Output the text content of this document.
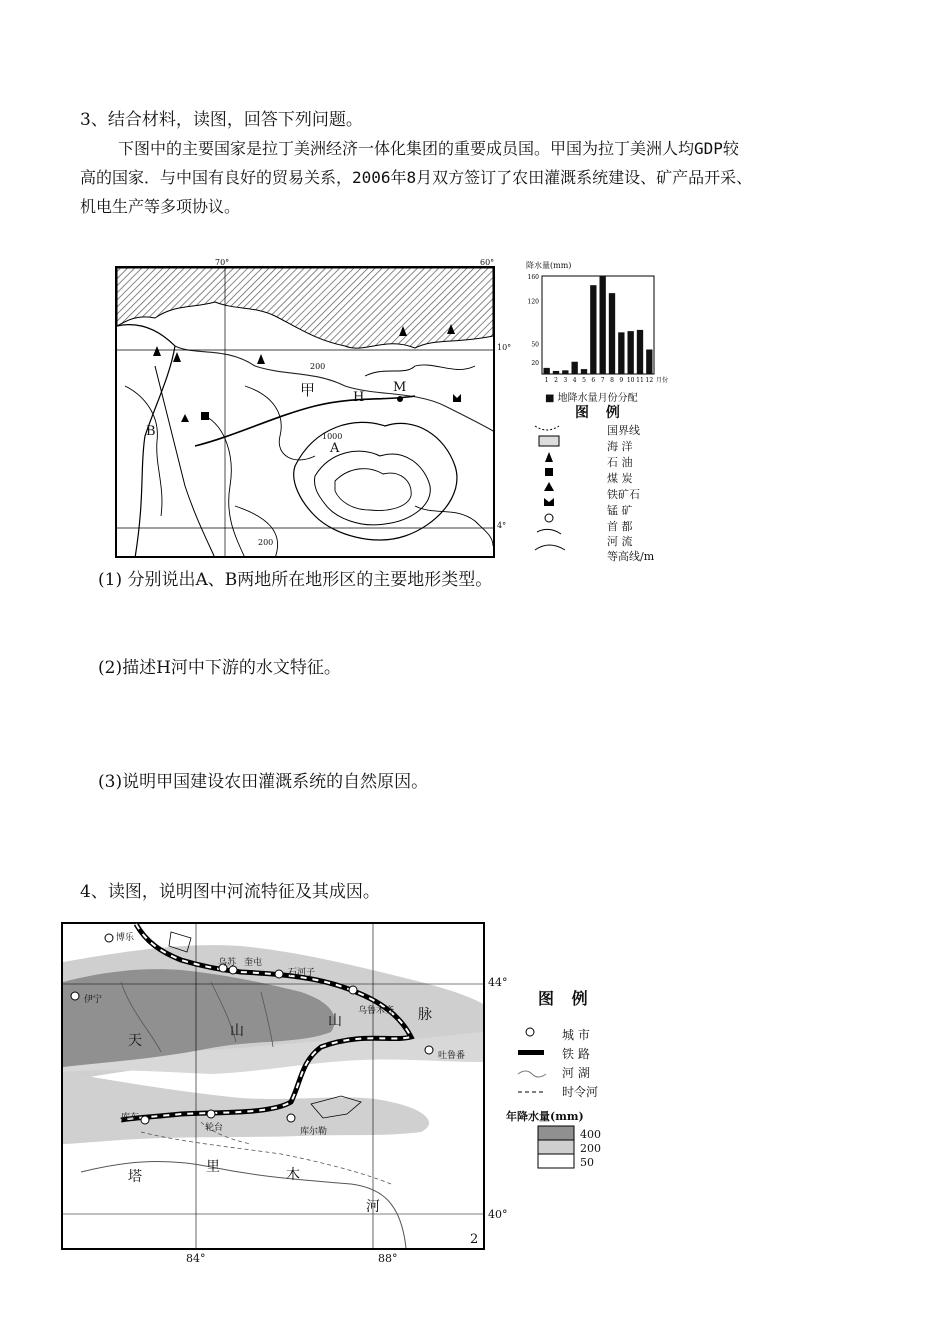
3、结合材料，读图，回答下列问题。
下图中的主要国家是拉丁美洲经济一体化集团的重要成员国。甲国为拉丁美洲人均GDP较
高的国家．与中国有良好的贸易关系，2006年8月双方签订了农田灌溉系统建设、矿产品开采、
机电生产等多项协议。
70°	60°
10°
4°
甲	H
M
A
B
200
200
1000
160
120
50
20
1 2 3 4 5 6 7 8 9 10 11 12 月份
降水量(mm)
■ 地降水量月份分配
图 例
国界线
海 洋
石 油
煤 炭
铁矿石
锰 矿
首 都
河 流
等高线/m
(1) 分别说出A、B两地所在地形区的主要地形类型。
(2)描述H河中下游的水文特征。
(3)说明甲国建设农田灌溉系统的自然原因。
4、读图，说明图中河流特征及其成因。
博乐
乌苏 奎屯
石河子
伊宁
乌鲁木齐
吐鲁番
库车
轮台	库尔勒
天
山
山	脉
塔
里	木
河
44°
40°
84°	88°
2
图 例
城 市
铁 路
河 湖
时令河
年降水量(mm)
400
200
50
